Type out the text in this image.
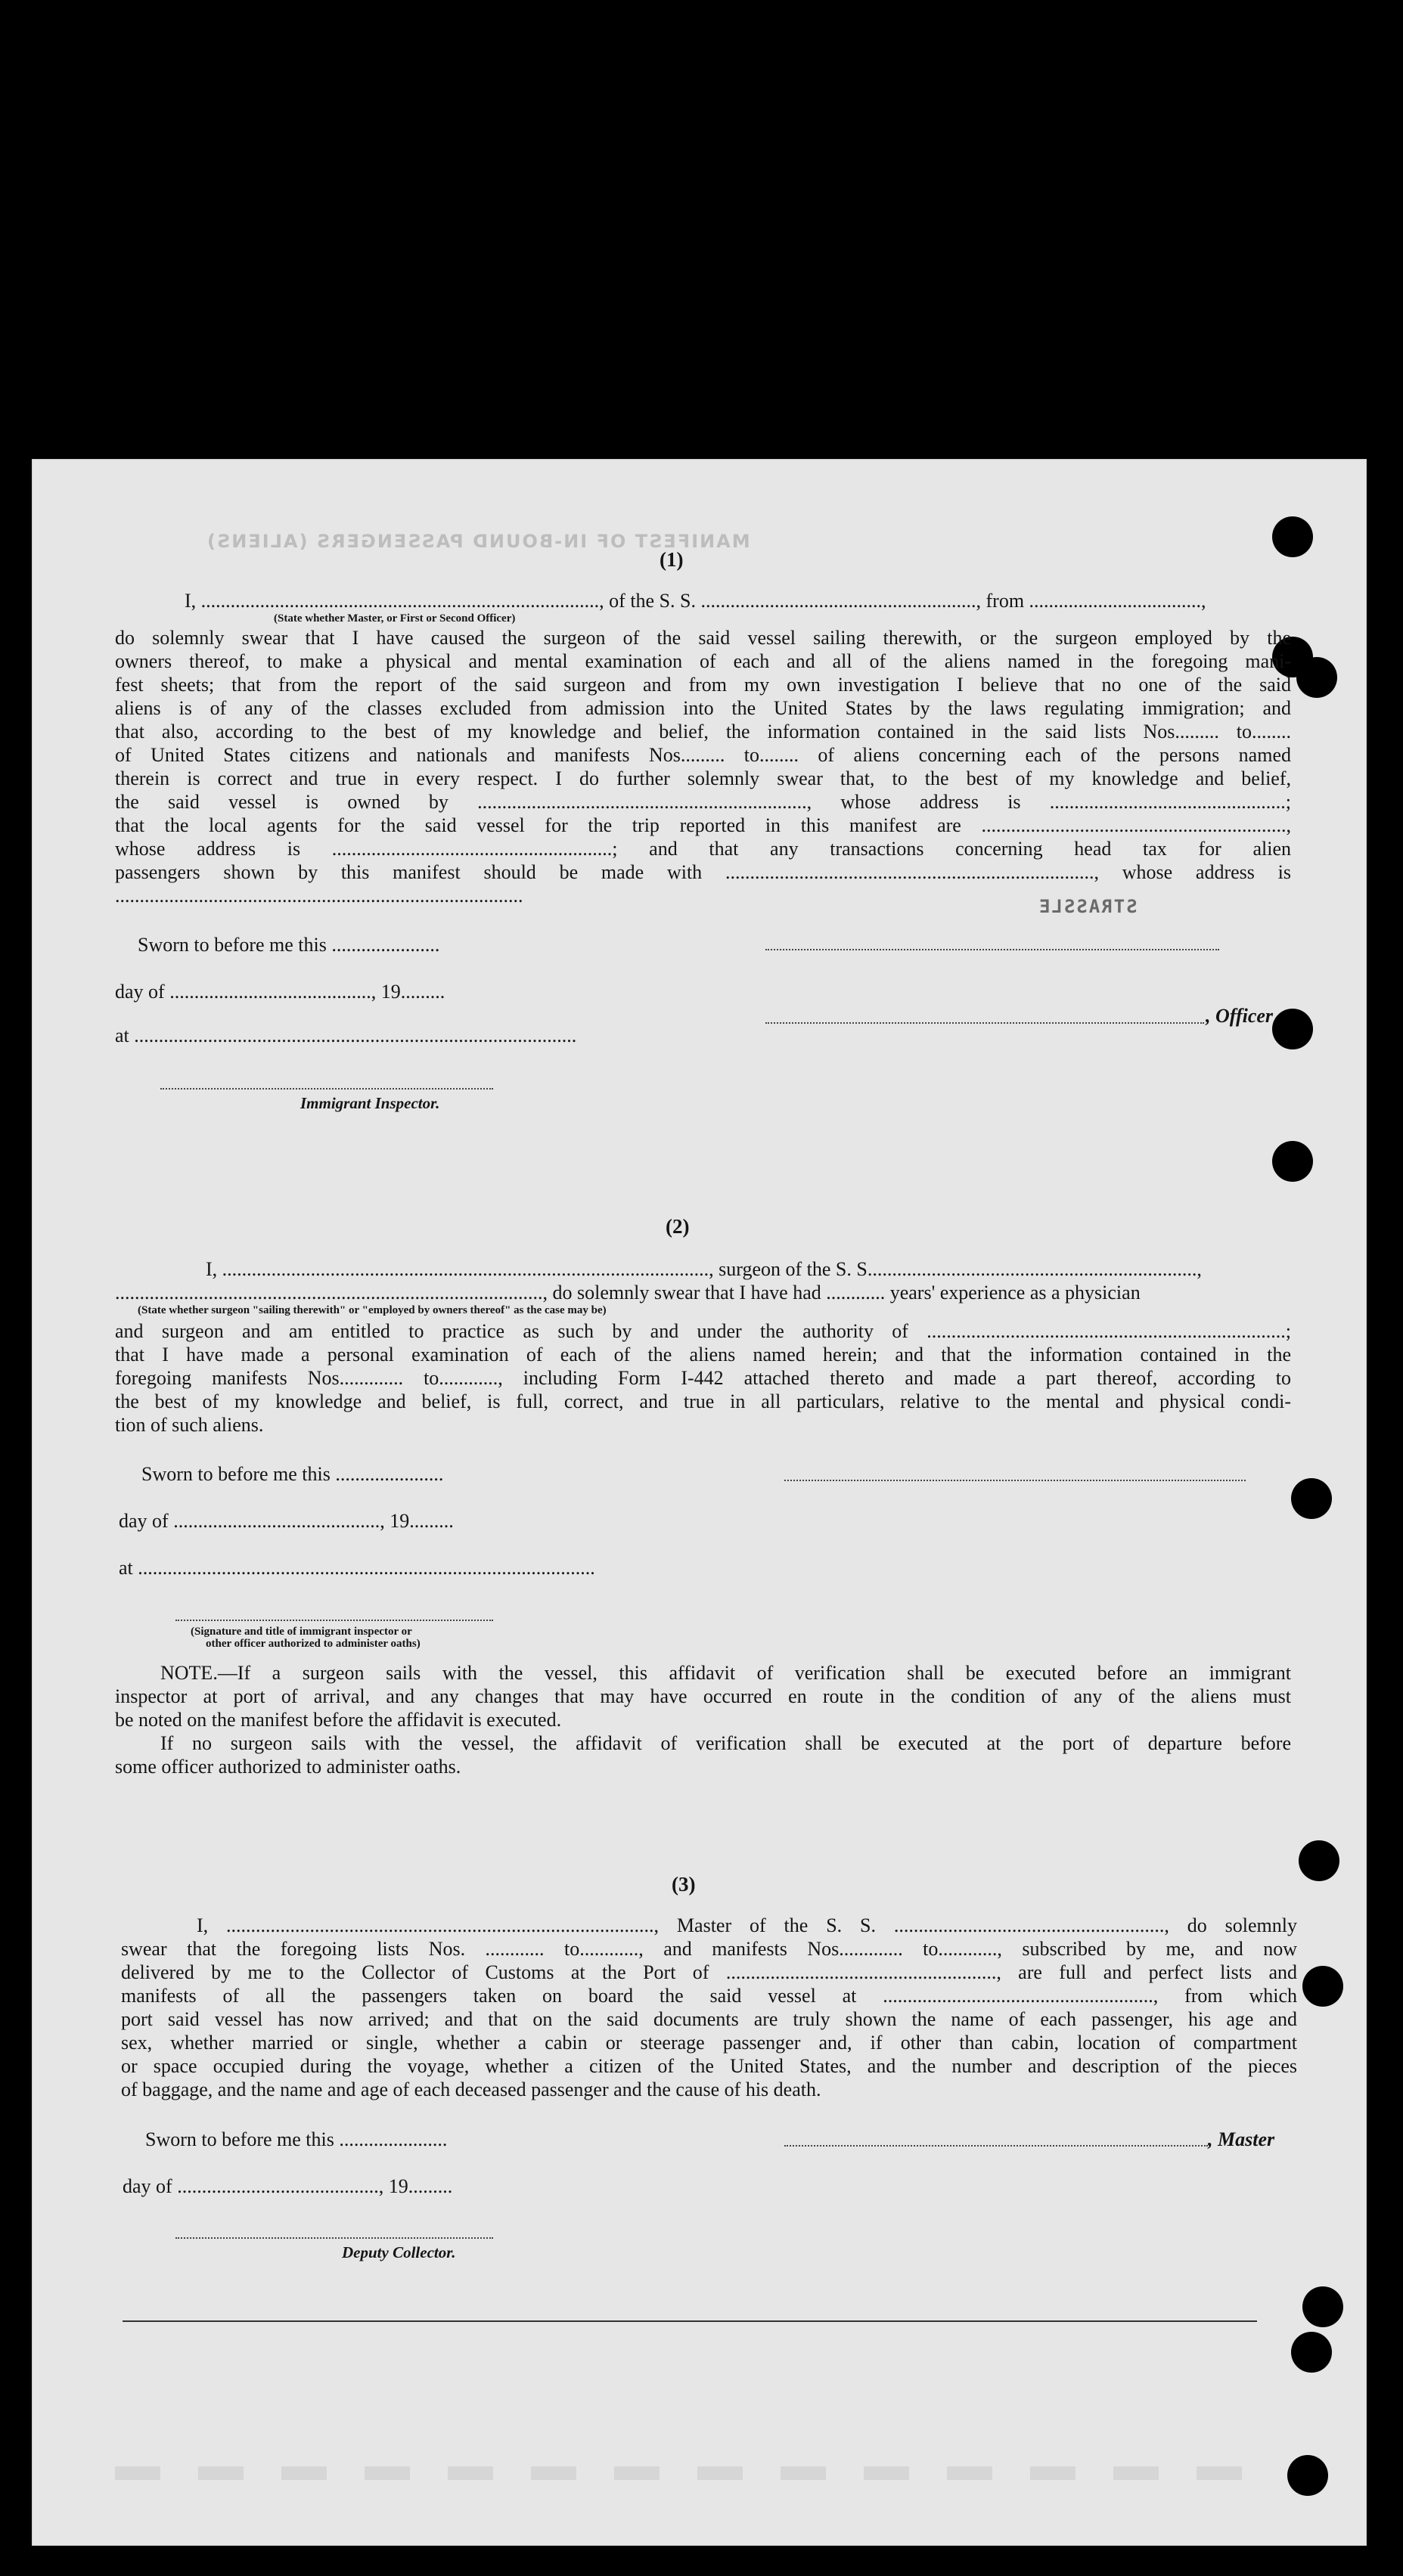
MANIFEST OF IN-BOUND PASSENGERS (ALIENS)
STRASSLE
(1)

I, ................................................................................., of the S. S. ........................................................, from ...................................,

(State whether Master, or First or Second Officer)

do solemnly swear that I have caused the surgeon of the said vessel sailing therewith, or the surgeon employed by the

owners thereof, to make a physical and mental examination of each and all of the aliens named in the foregoing mani-

fest sheets; that from the report of the said surgeon and from my own investigation I believe that no one of the said

aliens is of any of the classes excluded from admission into the United States by the laws regulating immigration; and

that also, according to the best of my knowledge and belief, the information contained in the said lists Nos......... to........

of United States citizens and nationals and manifests Nos......... to........ of aliens concerning each of the persons named

therein is correct and true in every respect. I do further solemnly swear that, to the best of my knowledge and belief,

the said vessel is owned by ..................................................................., whose address is ................................................;

that the local agents for the said vessel for the trip reported in this manifest are ..............................................................,

whose address is .........................................................; and that any transactions concerning head tax for alien

passengers shown by this manifest should be made with ..........................................................................., whose address is

...................................................................................

Sworn to before me this ......................
day of ........................................., 19.........
, Officer
at ..........................................................................................
Immigrant Inspector.
(2)

I, ..................................................................................................., surgeon of the S. S...................................................................,

......................................................................................., do solemnly swear that I have had ............ years' experience as a physician

(State whether surgeon "sailing therewith" or "employed by owners thereof" as the case may be)

and surgeon and am entitled to practice as such by and under the authority of .........................................................................;

that I have made a personal examination of each of the aliens named herein; and that the information contained in the

foregoing manifests Nos............. to............, including Form I-442 attached thereto and made a part thereof, according to

the best of my knowledge and belief, is full, correct, and true in all particulars, relative to the mental and physical condi-

tion of such aliens.

Sworn to before me this ......................
day of .........................................., 19.........
at .............................................................................................
(Signature and title of immigrant inspector or
other officer authorized to administer oaths)

NOTE.—If a surgeon sails with the vessel, this affidavit of verification shall be executed before an immigrant

inspector at port of arrival, and any changes that may have occurred en route in the condition of any of the aliens must

be noted on the manifest before the affidavit is executed.

If no surgeon sails with the vessel, the affidavit of verification shall be executed at the port of departure before

some officer authorized to administer oaths.

(3)

I, ......................................................................................., Master of the S. S. ......................................................., do solemnly

swear that the foregoing lists Nos. ............ to............, and manifests Nos............. to............, subscribed by me, and now

delivered by me to the Collector of Customs at the Port of ......................................................., are full and perfect lists and

manifests of all the passengers taken on board the said vessel at ......................................................., from which

port said vessel has now arrived; and that on the said documents are truly shown the name of each passenger, his age and

sex, whether married or single, whether a cabin or steerage passenger and, if other than cabin, location of compartment

or space occupied during the voyage, whether a citizen of the United States, and the number and description of the pieces

of baggage, and the name and age of each deceased passenger and the cause of his death.

Sworn to before me this ......................	, Master
day of ........................................., 19.........
Deputy Collector.
